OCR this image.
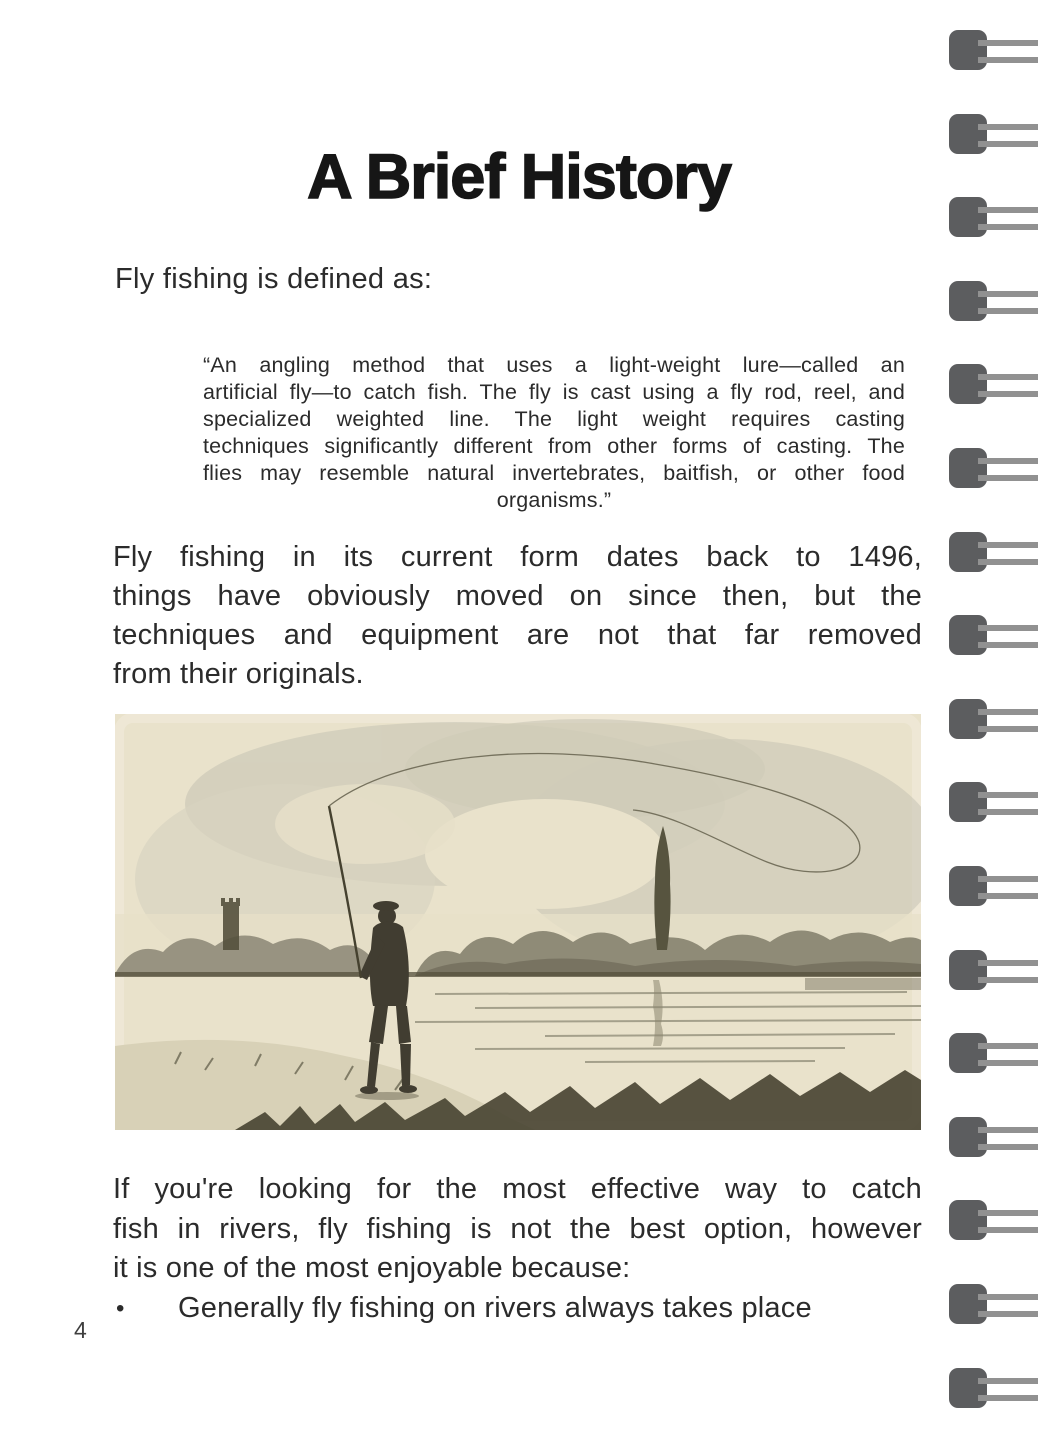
A Brief History
Fly fishing is defined as:
“An angling method that uses a light-weight lure—called an
artificial fly—to catch fish. The fly is cast using a fly rod, reel, and
specialized weighted line. The light weight requires casting
techniques significantly different from other forms of casting. The
flies may resemble natural invertebrates, baitfish, or other food
organisms.”
Fly fishing in its current form dates back to 1496,
things have obviously moved on since then, but the
techniques and equipment are not that far removed
from their originals.
If you're looking for the most effective way to catch
fish in rivers, fly fishing is not the best option, however
it is one of the most enjoyable because:
•	Generally fly fishing on rivers always takes place
4
